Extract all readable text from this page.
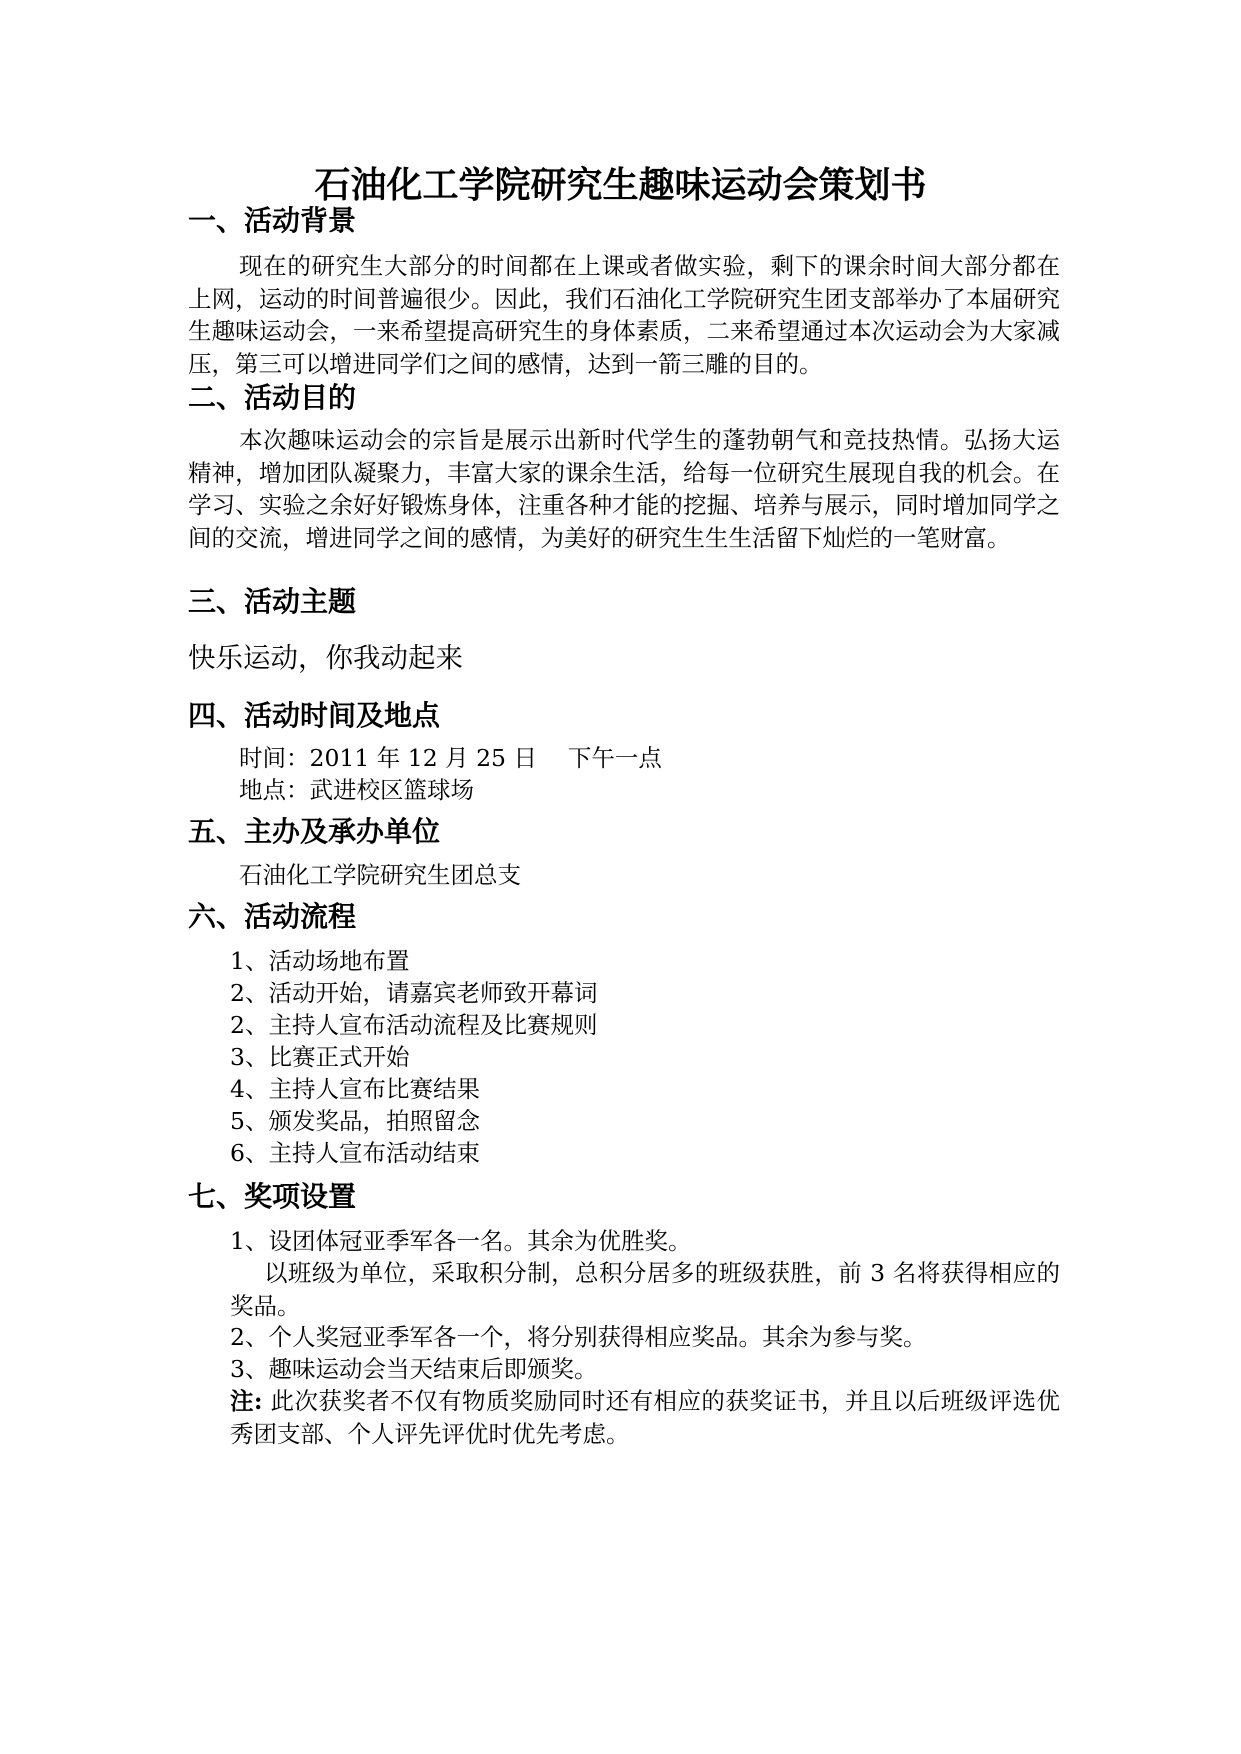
石油化工学院研究生趣味运动会策划书
一、活动背景
现在的研究生大部分的时间都在上课或者做实验，剩下的课余时间大部分都在上网，运动的时间普遍很少。因此，我们石油化工学院研究生团支部举办了本届研究生趣味运动会，一来希望提高研究生的身体素质，二来希望通过本次运动会为大家减压，第三可以增进同学们之间的感情，达到一箭三雕的目的。
二、活动目的
本次趣味运动会的宗旨是展示出新时代学生的蓬勃朝气和竞技热情。弘扬大运精神，增加团队凝聚力，丰富大家的课余生活，给每一位研究生展现自我的机会。在学习、实验之余好好锻炼身体，注重各种才能的挖掘、培养与展示，同时增加同学之间的交流，增进同学之间的感情，为美好的研究生生生活留下灿烂的一笔财富。
三、活动主题
快乐运动，你我动起来
四、活动时间及地点
时间：2011 年 12 月 25 日　 下午一点
地点：武进校区篮球场
五、主办及承办单位
石油化工学院研究生团总支
六、活动流程
1、活动场地布置
2、活动开始，请嘉宾老师致开幕词
2、主持人宣布活动流程及比赛规则
3、比赛正式开始
4、主持人宣布比赛结果
5、颁发奖品，拍照留念
6、主持人宣布活动结束
七、奖项设置
1、设团体冠亚季军各一名。其余为优胜奖。
以班级为单位，采取积分制，总积分居多的班级获胜，前 3 名将获得相应的奖品。
2、个人奖冠亚季军各一个，将分别获得相应奖品。其余为参与奖。
3、趣味运动会当天结束后即颁奖。
注: 此次获奖者不仅有物质奖励同时还有相应的获奖证书，并且以后班级评选优秀团支部、个人评先评优时优先考虑。
